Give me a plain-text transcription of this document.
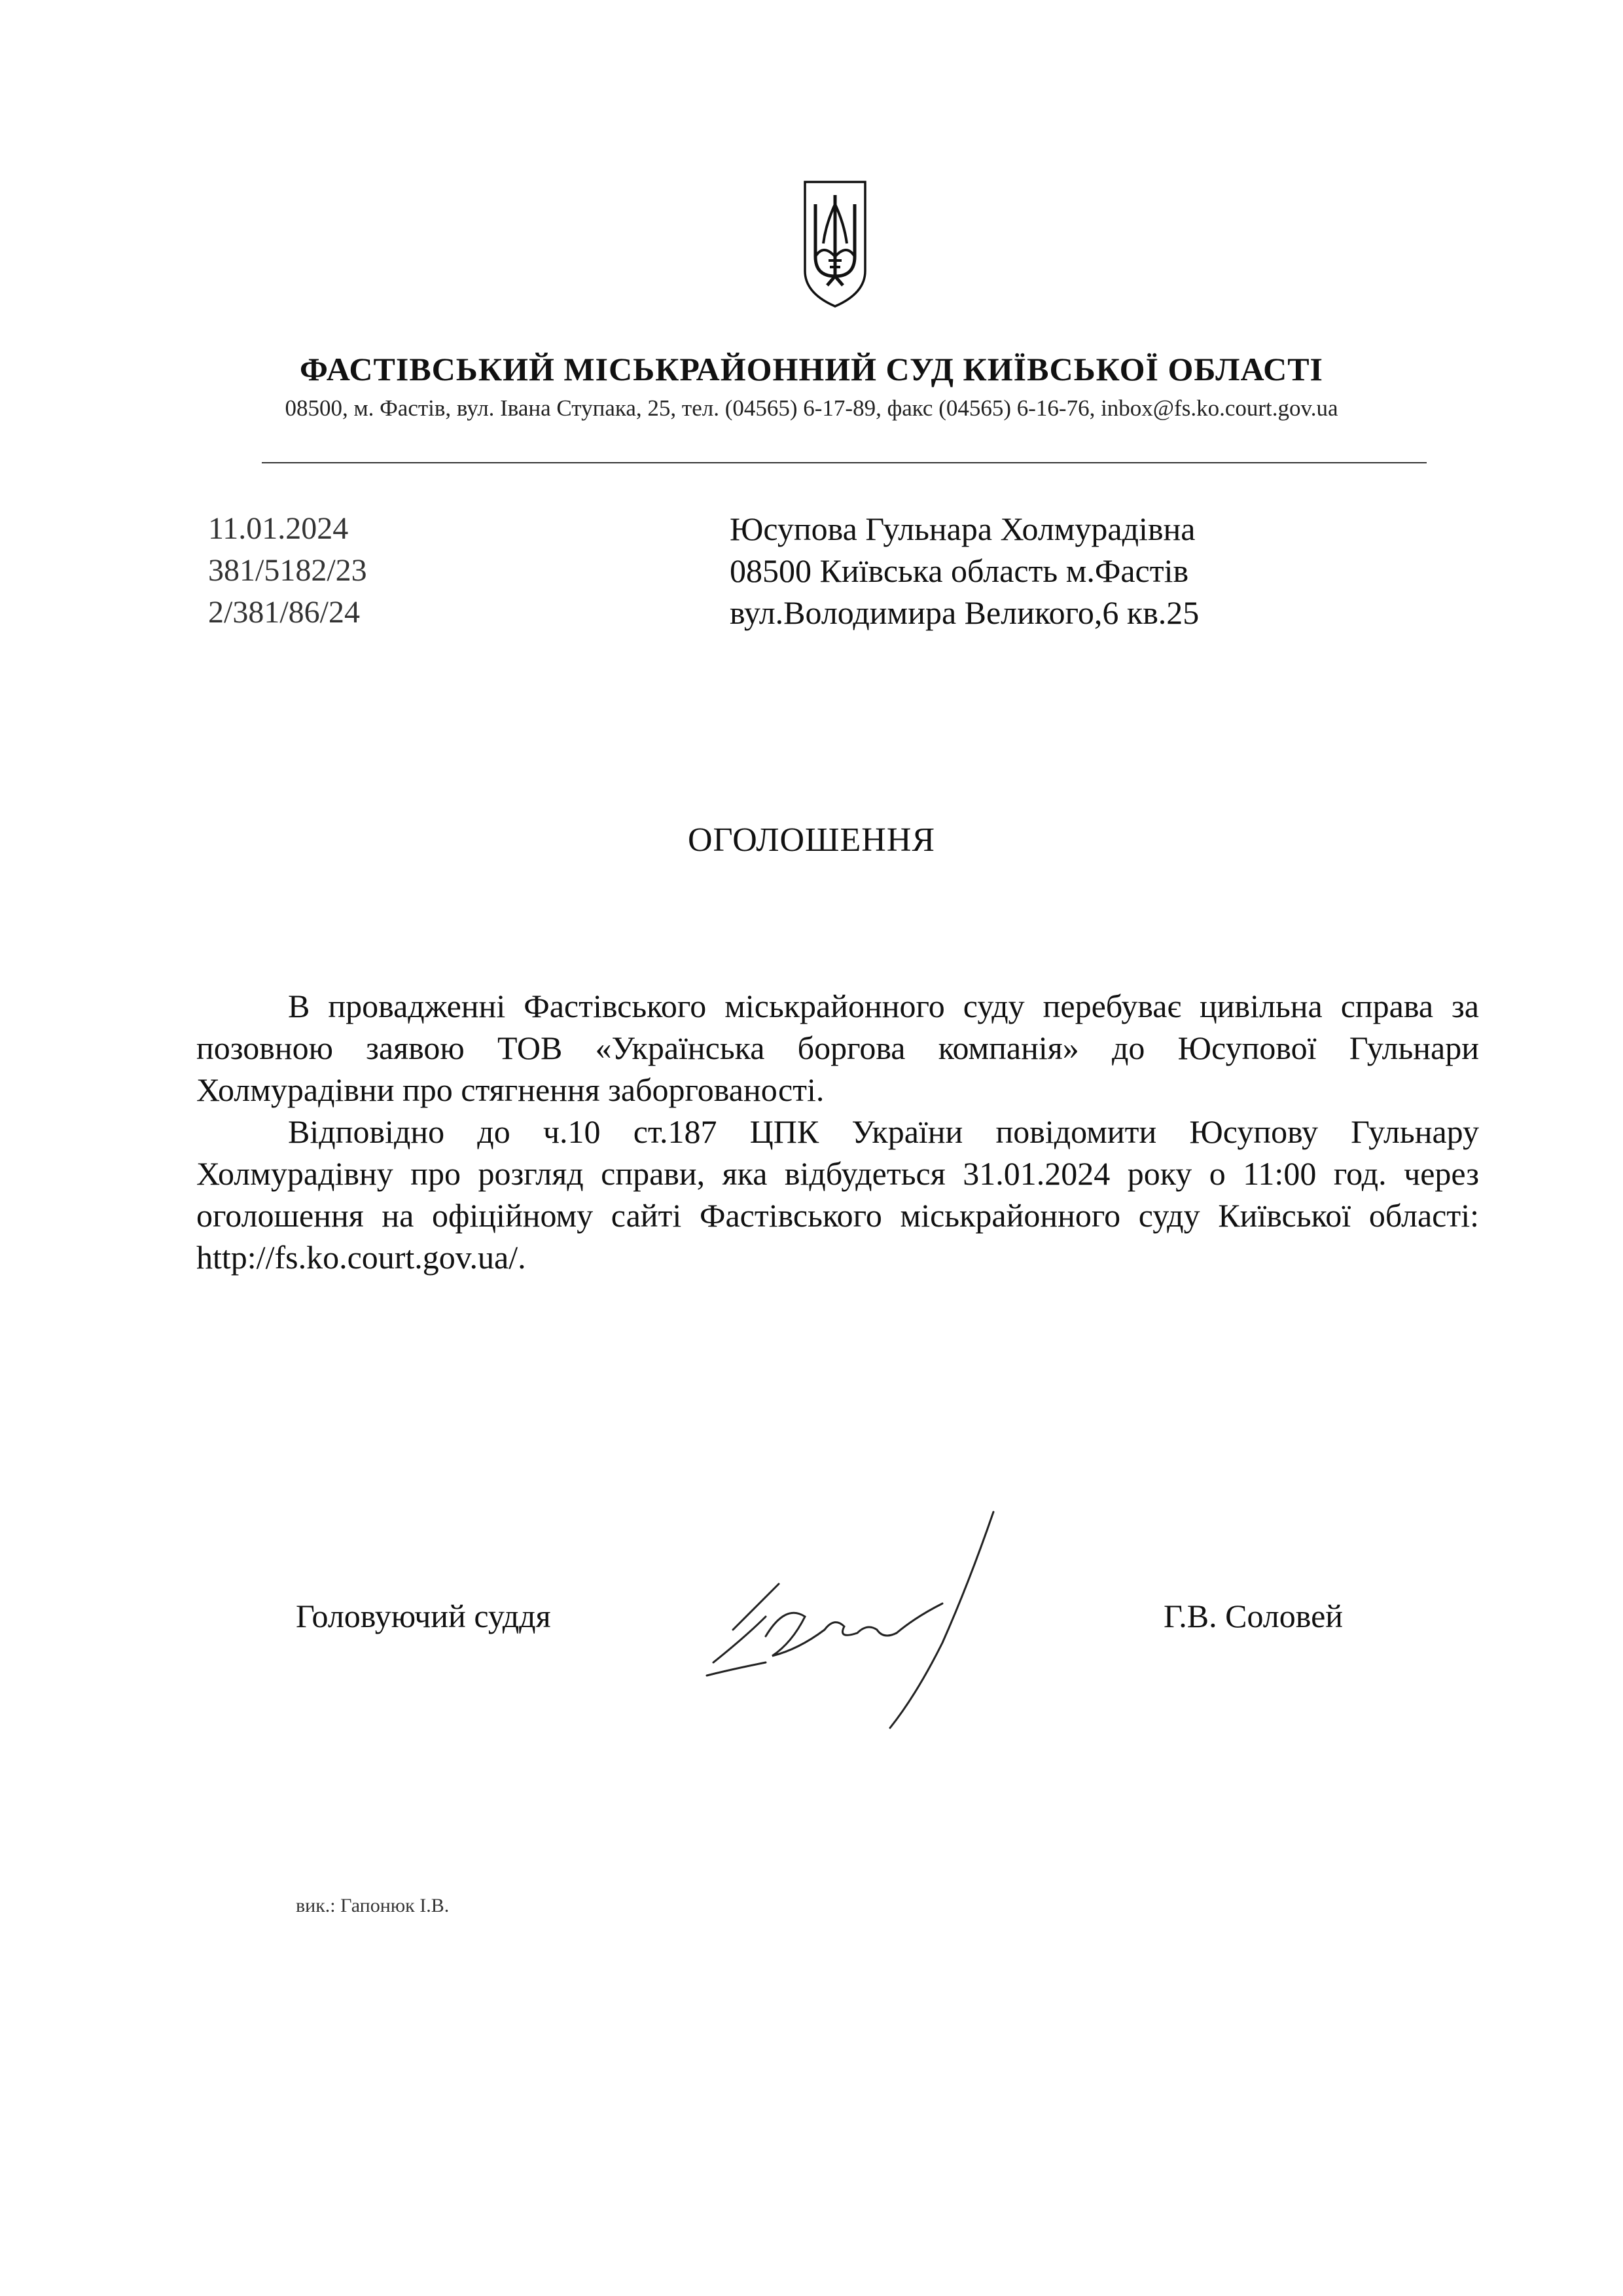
ФАСТІВСЬКИЙ МІСЬКРАЙОННИЙ СУД КИЇВСЬКОЇ ОБЛАСТІ
08500, м. Фастів, вул. Івана Ступака, 25, тел. (04565) 6-17-89, факс (04565) 6-16-76, inbox@fs.ko.court.gov.ua
11.01.2024
381/5182/23
2/381/86/24
Юсупова Гульнара Холмурадівна
08500 Київська область м.Фастів
вул.Володимира Великого,6 кв.25
ОГОЛОШЕННЯ

В провадженні Фастівського міськрайонного суду перебуває цивільна справа за позовною заявою ТОВ «Українська боргова компанія» до Юсупової Гульнари Холмурадівни про стягнення заборгованості.

Відповідно до ч.10 ст.187 ЦПК України повідомити Юсупову Гульнару Холмурадівну про розгляд справи, яка відбудеться 31.01.2024 року о 11:00 год. через оголошення на офіційному сайті Фастівського міськрайонного суду Київської області: http://fs.ko.court.gov.ua/.

Головуючий суддя	Г.В. Соловей
вик.: Гапонюк І.В.
